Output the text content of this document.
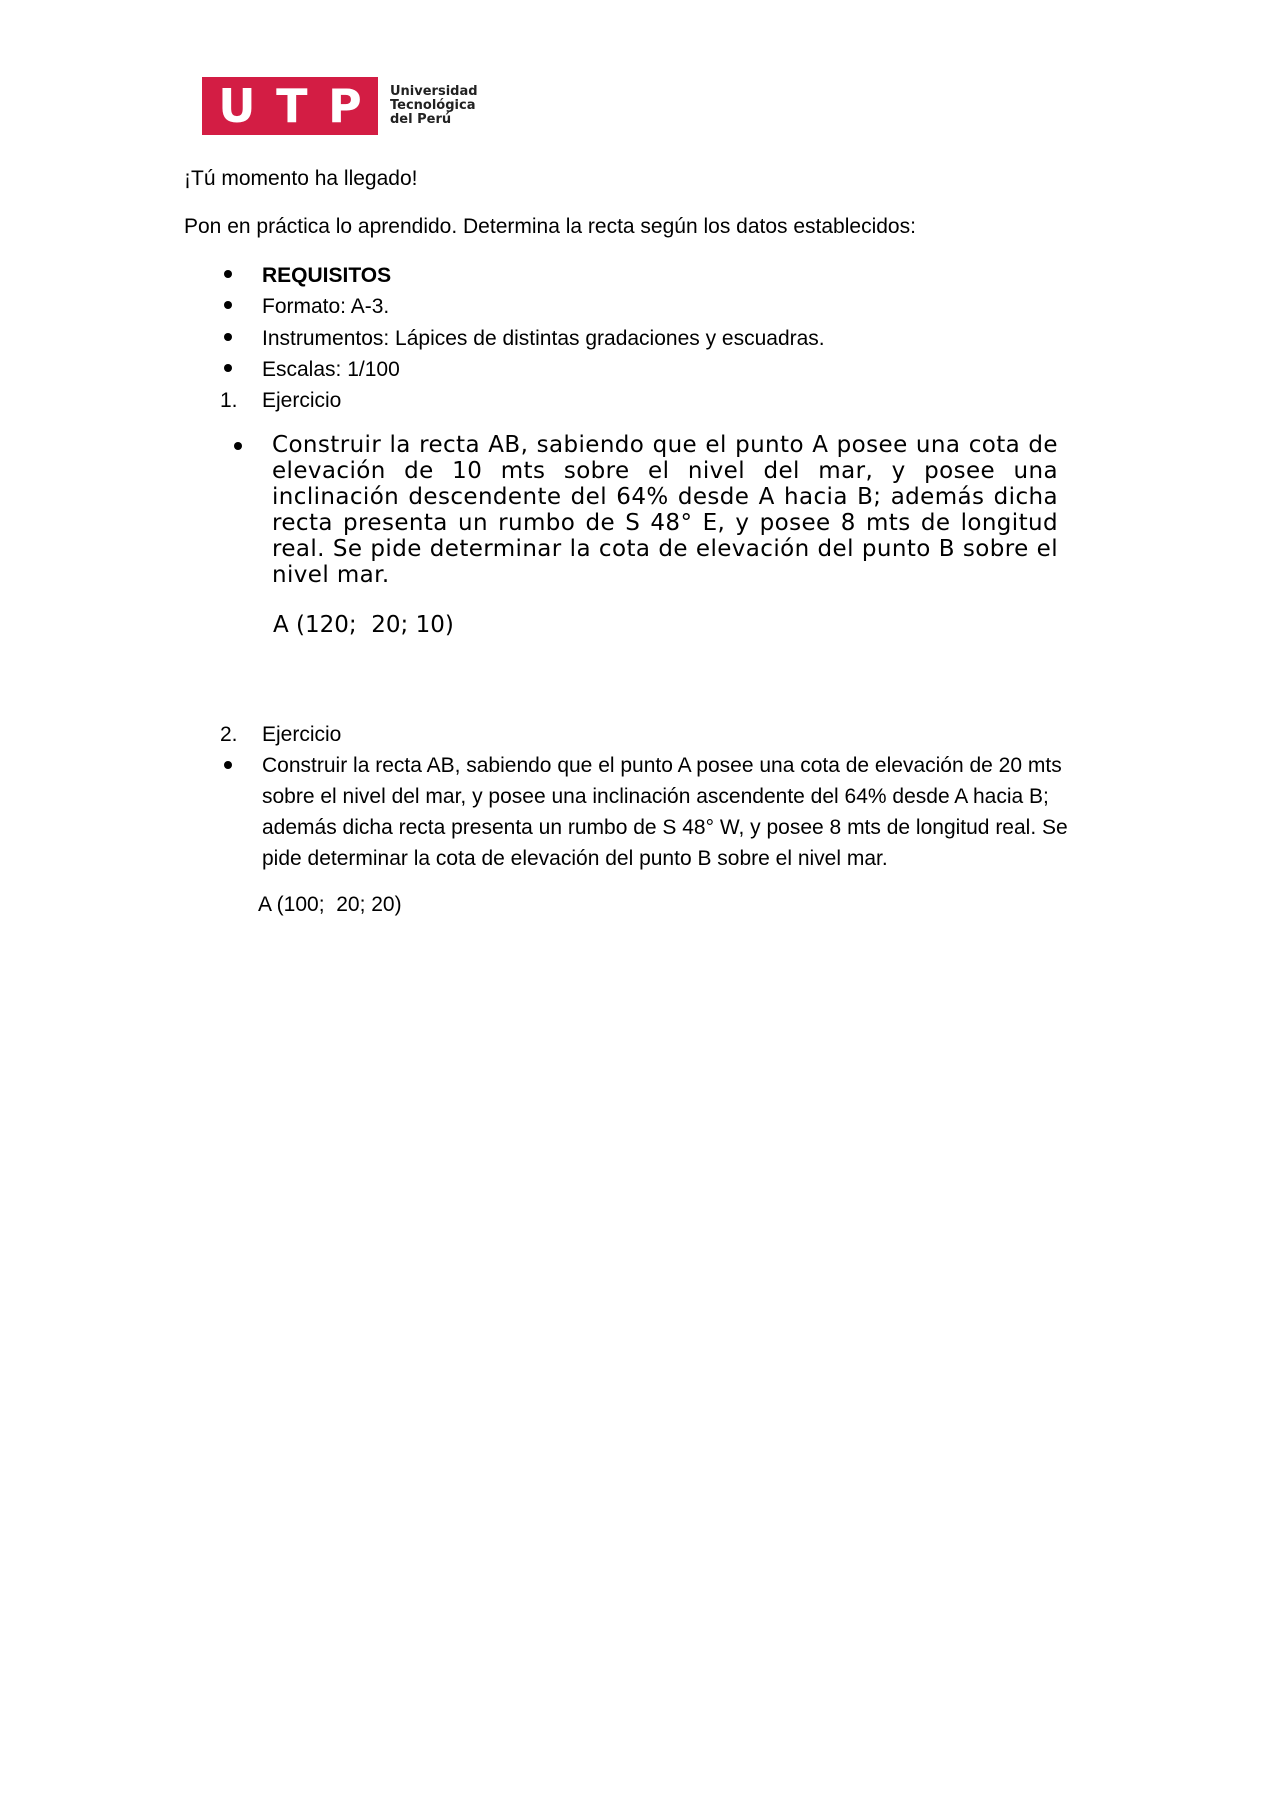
U T P Universidad
Tecnológica
del Perú
¡Tú momento ha llegado!
Pon en práctica lo aprendido. Determina la recta según los datos establecidos:
REQUISITOS
Formato: A-3.
Instrumentos: Lápices de distintas gradaciones y escuadras.
Escalas: 1/100
1. Ejercicio
Construir la recta AB, sabiendo que el punto A posee una cota de elevación de 10 mts sobre el nivel del mar, y posee una inclinación descendente del 64% desde A hacia B; además dicha recta presenta un rumbo de S 48° E, y posee 8 mts de longitud real. Se pide determinar la cota de elevación del punto B sobre el nivel mar.
A (120;  20; 10)
2. Ejercicio
Construir la recta AB, sabiendo que el punto A posee una cota de elevación de 20 mts sobre el nivel del mar, y posee una inclinación ascendente del 64% desde A hacia B; además dicha recta presenta un rumbo de S 48° W, y posee 8 mts de longitud real. Se pide determinar la cota de elevación del punto B sobre el nivel mar.
A (100;  20; 20)
